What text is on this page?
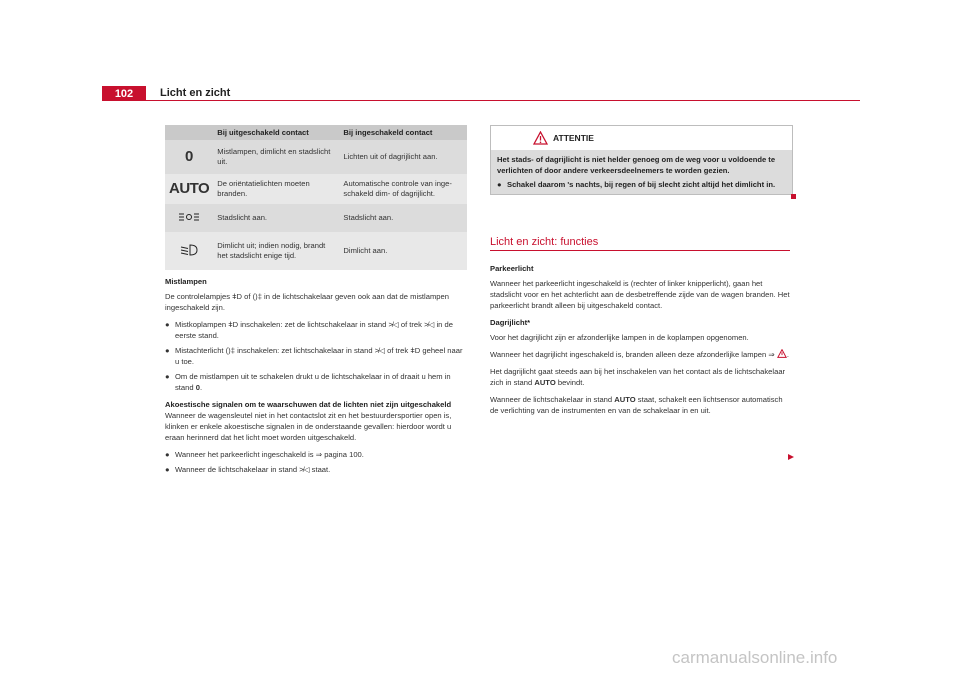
102	Licht en zicht
	Bij uitgeschakeld contact	Bij ingeschakeld contact
0	Mistlampen, dimlicht en stadslicht uit.	Lichten uit of dagrijlicht aan.
AUTO	De oriëntatielichten moeten branden.	Automatische controle van ingeschakeld dim- of dagrijlicht.
	Stadslicht aan.	Stadslicht aan.
	Dimlicht uit; indien nodig, brandt het stadslicht enige tijd.	Dimlicht aan.

Mistlampen

De controlelampjes ǂD of ()‡ in de lichtschakelaar geven ook aan dat de mistlampen ingeschakeld zijn.

● Mistkoplampen ǂD inschakelen: zet de lichtschakelaar in stand ≯◁ of trek ≯◁ in de eerste stand.

● Mistachterlicht ()‡ inschakelen: zet lichtschakelaar in stand ≯◁ of trek ǂD geheel naar u toe.

● Om de mistlampen uit te schakelen drukt u de lichtschakelaar in of draait u hem in stand 0.

Akoestische signalen om te waarschuwen dat de lichten niet zijn uitgeschakeld

Wanneer de wagensleutel niet in het contactslot zit en het bestuurdersportier open is, klinken er enkele akoestische signalen in de onderstaande gevallen: hierdoor wordt u eraan herinnerd dat het licht moet worden uitgeschakeld.

● Wanneer het parkeerlicht ingeschakeld is ⇒ pagina 100.

● Wanneer de lichtschakelaar in stand ≯◁ staat.

ATTENTIE

Het stads- of dagrijlicht is niet helder genoeg om de weg voor u voldoende te verlichten of door andere verkeersdeelnemers te worden gezien.

● Schakel daarom 's nachts, bij regen of bij slecht zicht altijd het dimlicht in.

Licht en zicht: functies

Parkeerlicht

Wanneer het parkeerlicht ingeschakeld is (rechter of linker knipperlicht), gaan het stadslicht voor en het achterlicht aan de desbetreffende zijde van de wagen branden. Het parkeerlicht brandt alleen bij uitgeschakeld contact.

Dagrijlicht*

Voor het dagrijlicht zijn er afzonderlijke lampen in de koplampen opgenomen.

Wanneer het dagrijlicht ingeschakeld is, branden alleen deze afzonderlijke lampen ⇒ .

Het dagrijlicht gaat steeds aan bij het inschakelen van het contact als de lichtschakelaar zich in stand AUTO bevindt.

Wanneer de lichtschakelaar in stand AUTO staat, schakelt een lichtsensor automatisch de verlichting van de instrumenten en van de schakelaar in en uit.

carmanualsonline.info
